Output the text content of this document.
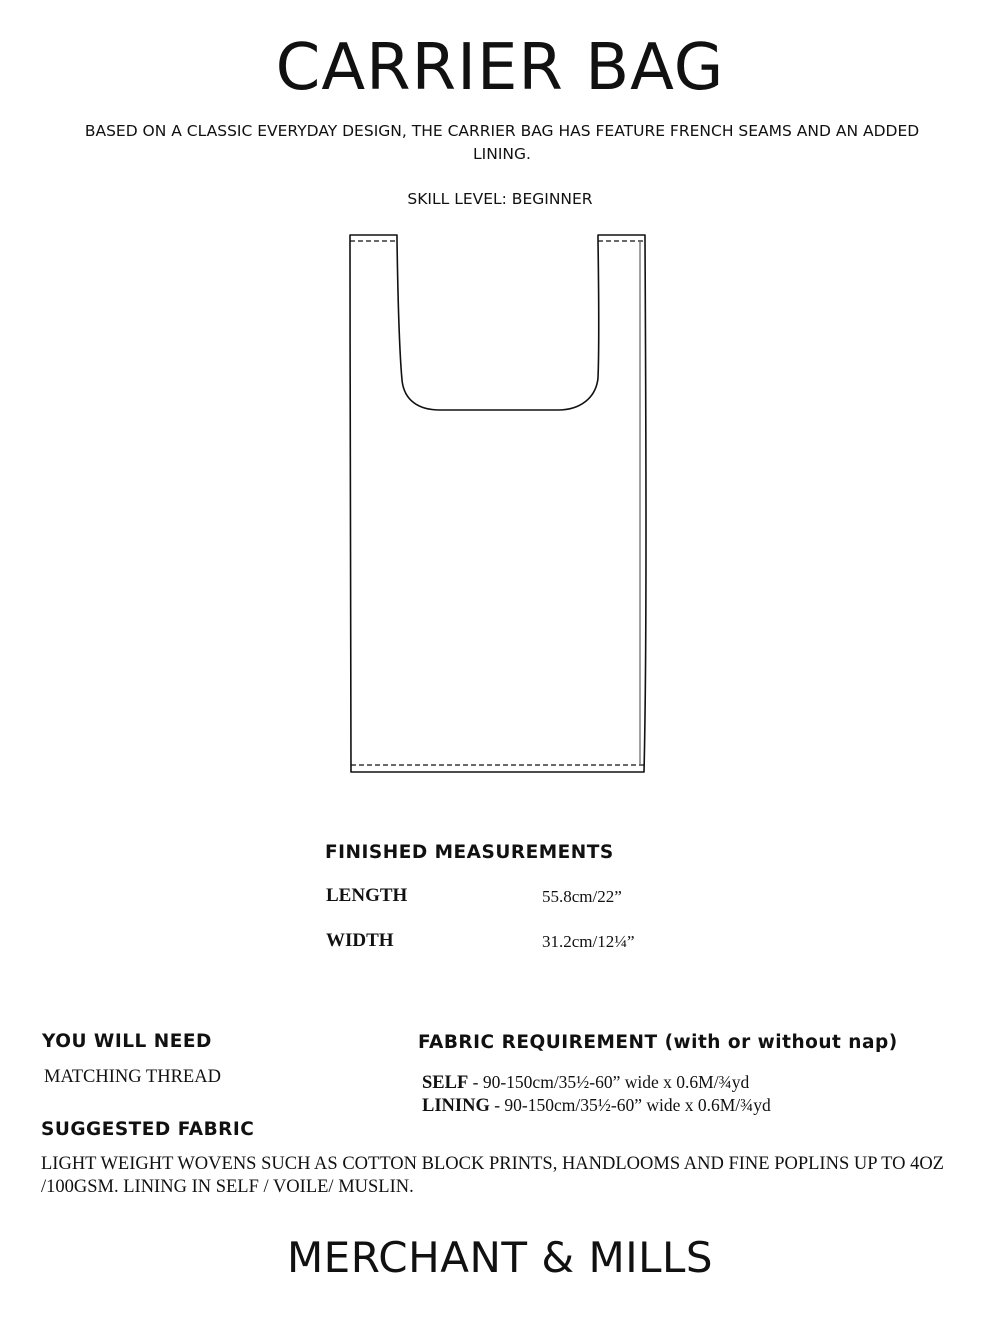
CARRIER BAG
BASED ON A CLASSIC EVERYDAY DESIGN, THE CARRIER BAG HAS FEATURE FRENCH SEAMS AND AN ADDED LINING.
SKILL LEVEL: BEGINNER
FINISHED MEASUREMENTS
LENGTH	55.8cm/22”
WIDTH	31.2cm/12¼”
YOU WILL NEED
MATCHING THREAD
FABRIC REQUIREMENT (with or without nap)
SELF - 90-150cm/35½-60” wide x 0.6M/¾yd
LINING - 90-150cm/35½-60” wide x 0.6M/¾yd
SUGGESTED FABRIC
LIGHT WEIGHT WOVENS SUCH AS COTTON BLOCK PRINTS, HANDLOOMS AND FINE POPLINS UP TO 4OZ /100GSM. LINING IN SELF / VOILE/ MUSLIN.
MERCHANT & MILLS
